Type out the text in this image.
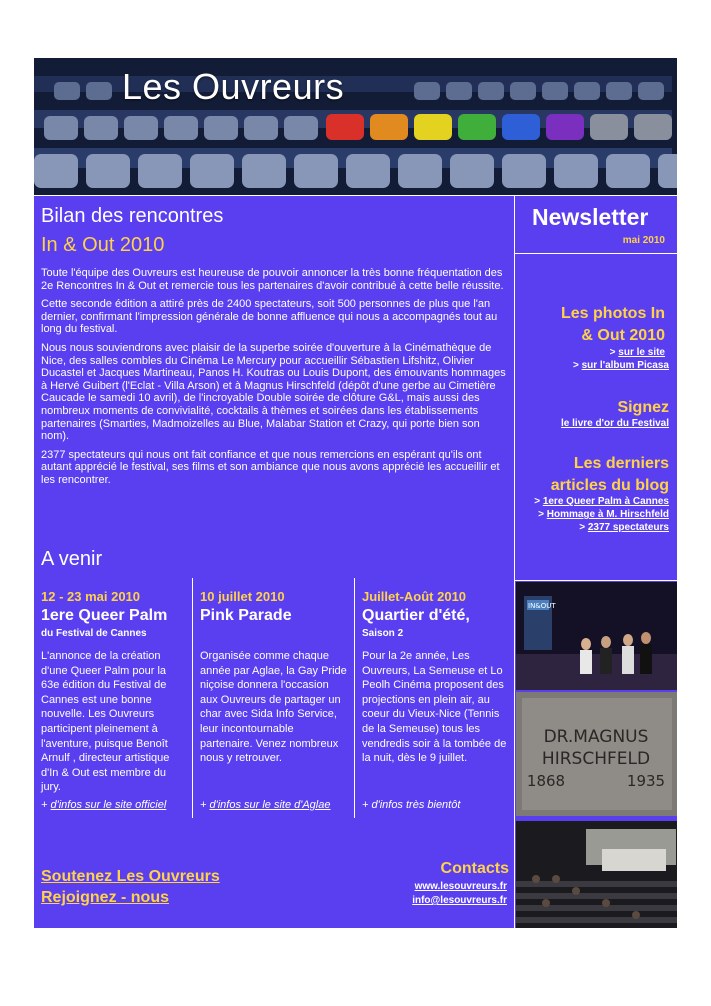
Les Ouvreurs
Bilan des rencontres
In & Out 2010

Toute l'équipe des Ouvreurs est heureuse de pouvoir annoncer la très bonne fréquentation des 2e Rencontres In & Out et remercie tous les partenaires d'avoir contribué à cette belle réussite.

Cette seconde édition a attiré près de 2400 spectateurs, soit 500 personnes de plus que l'an dernier, confirmant l'impression générale de bonne affluence qui nous a accompagnés tout au long du festival.

Nous nous souviendrons avec plaisir de la superbe soirée d'ouverture à la Cinémathèque de Nice, des salles combles du Cinéma Le Mercury pour accueillir Sébastien Lifshitz, Olivier Ducastel et Jacques Martineau, Panos H. Koutras ou Louis Dupont, des émouvants hommages à Hervé Guibert (l'Eclat - Villa Arson) et à Magnus Hirschfeld (dépôt d'une gerbe au Cimetière Caucade le samedi 10 avril), de l'incroyable Double soirée de clôture G&L, mais aussi des nombreux moments de convivialité, cocktails à thèmes et soirées dans les établissements partenaires (Smarties, Madmoizelles au Blue, Malabar Station et Crazy, qui porte bien son nom).

2377 spectateurs qui nous ont fait confiance et que nous remercions en espérant qu'ils ont autant apprécié le festival, ses films et son ambiance que nous avons apprécié les accueillir et les rencontrer.

Newsletter
mai 2010
Les photos In
& Out 2010
> sur le site
> sur l'album Picasa
Signez
le livre d'or du Festival
Les derniers
articles du blog
> 1ere Queer Palm à Cannes
> Hommage à M. Hirschfeld
> 2377 spectateurs
IN&OUT
DR.MAGNUS
HIRSCHFELD
1868	1935
A venir
12 - 23 mai 2010
1ere Queer Palm
du Festival de Cannes
L'annonce de la création d'une Queer Palm pour la 63e édition du Festival de Cannes est une bonne nouvelle. Les Ouvreurs participent pleinement à l'aventure, puisque Benoît Arnulf , directeur artistique d'In & Out est membre du jury.
+ d'infos sur le site officiel
10 juillet 2010
Pink Parade
Organisée comme chaque année par Aglae, la Gay Pride niçoise donnera l'occasion aux Ouvreurs de partager un char avec Sida Info Service, leur incontournable partenaire. Venez nombreux nous y retrouver.
+ d'infos sur le site d'Aglae
Juillet-Août 2010
Quartier d'été,
Saison 2
Pour la 2e année, Les Ouvreurs, La Semeuse et Lo Peolh Cinéma proposent des projections en plein air, au coeur du Vieux-Nice (Tennis de la Semeuse) tous les vendredis soir à la tombée de la nuit, dès le 9 juillet.
+ d'infos très bientôt
Soutenez Les Ouvreurs
Rejoignez - nous
Contacts
www.lesouvreurs.fr
info@lesouvreurs.fr
